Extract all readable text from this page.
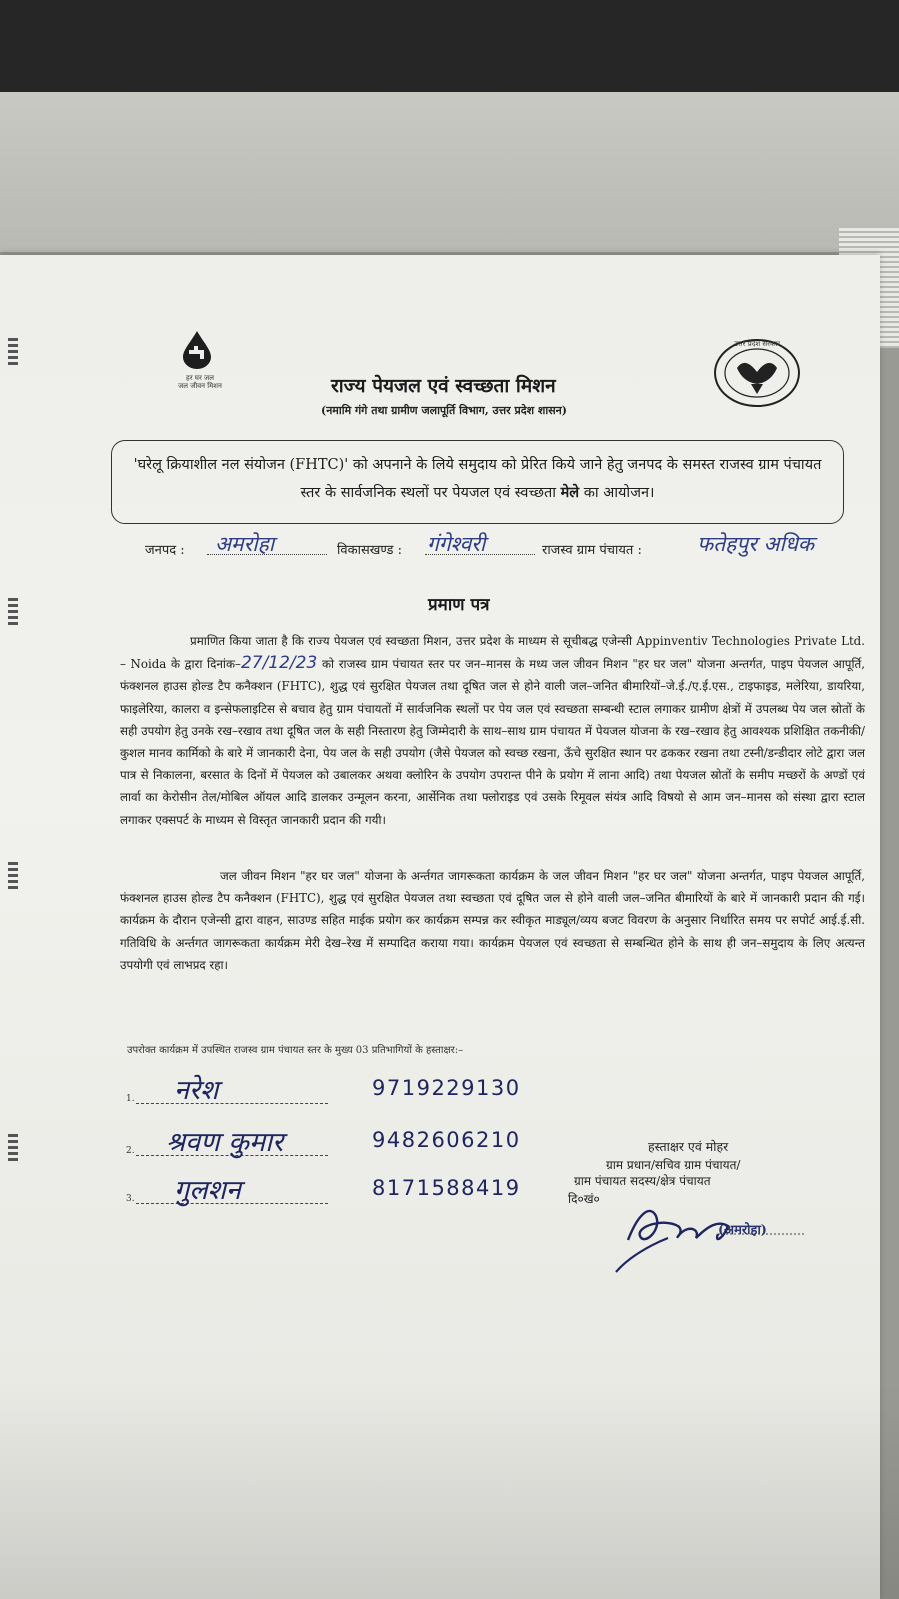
हर घर जल
जल जीवन मिशन
उत्तर प्रदेश सरकार
राज्य पेयजल एवं स्वच्छता मिशन
(नमामि गंगे तथा ग्रामीण जलापूर्ति विभाग, उत्तर प्रदेश शासन)
'घरेलू क्रियाशील नल संयोजन (FHTC)' को अपनाने के लिये समुदाय को प्रेरित किये जाने हेतु जनपद के समस्त राजस्व ग्राम पंचायत स्तर के सार्वजनिक स्थलों पर पेयजल एवं स्वच्छता मेले का आयोजन।
जनपद : अमरोहा	विकासखण्ड : गंगेश्वरी	राजस्व ग्राम पंचायत :	फतेहपुर अधिक
प्रमाण पत्र
प्रमाणित किया जाता है कि राज्य पेयजल एवं स्वच्छता मिशन, उत्तर प्रदेश के माध्यम से सूचीबद्ध एजेन्सी Appinventiv Technologies Private Ltd. – Noida के द्वारा दिनांक–27/12/23 को राजस्व ग्राम पंचायत स्तर पर जन–मानस के मध्य जल जीवन मिशन "हर घर जल" योजना अन्तर्गत, पाइप पेयजल आपूर्ति, फंक्शनल हाउस होल्ड टैप कनैक्शन (FHTC), शुद्ध एवं सुरक्षित पेयजल तथा दूषित जल से होने वाली जल–जनित बीमारियों–जे.ई./ए.ई.एस., टाइफाइड, मलेरिया, डायरिया, फाइलेरिया, कालरा व इन्सेफलाइटिस से बचाव हेतु ग्राम पंचायतों में सार्वजनिक स्थलों पर पेय जल एवं स्वच्छता सम्बन्धी स्टाल लगाकर ग्रामीण क्षेत्रों में उपलब्ध पेय जल स्रोतों के सही उपयोग हेतु उनके रख–रखाव तथा दूषित जल के सही निस्तारण हेतु जिम्मेदारी के साथ–साथ ग्राम पंचायत में पेयजल योजना के रख–रखाव हेतु आवश्यक प्रशिक्षित तकनीकी/कुशल मानव कार्मिको के बारे में जानकारी देना, पेय जल के सही उपयोग (जैसे पेयजल को स्वच्छ रखना, ऊँचे सुरक्षित स्थान पर ढककर रखना तथा टस्नी/डन्डीदार लोटे द्वारा जल पात्र से निकालना, बरसात के दिनों में पेयजल को उबालकर अथवा क्लोरिन के उपयोग उपरान्त पीने के प्रयोग में लाना आदि) तथा पेयजल स्रोतों के समीप मच्छरों के अण्डों एवं लार्वा का केरोसीन तेल/मोबिल ऑयल आदि डालकर उन्मूलन करना, आर्सेनिक तथा फ्लोराइड एवं उसके रिमूवल संयंत्र आदि विषयो से आम जन–मानस को संस्था द्वारा स्टाल लगाकर एक्सपर्ट के माध्यम से विस्तृत जानकारी प्रदान की गयी।
जल जीवन मिशन "हर घर जल" योजना के अर्न्तगत जागरूकता कार्यक्रम के जल जीवन मिशन "हर घर जल" योजना अन्तर्गत, पाइप पेयजल आपूर्ति, फंक्शनल हाउस होल्ड टैप कनैक्शन (FHTC), शुद्ध एवं सुरक्षित पेयजल तथा स्वच्छता एवं दूषित जल से होने वाली जल–जनित बीमारियों के बारे में जानकारी प्रदान की गई। कार्यक्रम के दौरान एजेन्सी द्वारा वाहन, साउण्ड सहित माईक प्रयोग कर कार्यक्रम सम्पन्न कर स्वीकृत माड्यूल/व्यय बजट विवरण के अनुसार निर्धारित समय पर सपोर्ट आई.ई.सी. गतिविधि के अर्न्तगत जागरूकता कार्यक्रम मेरी देख–रेख में सम्पादित कराया गया। कार्यक्रम पेयजल एवं स्वच्छता से सम्बन्धित होने के साथ ही जन–समुदाय के लिए अत्यन्त उपयोगी एवं लाभप्रद रहा।
उपरोक्त कार्यक्रम में उपस्थित राजस्व ग्राम पंचायत स्तर के मुख्य 03 प्रतिभागियों के हस्ताक्षर:–
1. नरेश	9719229130
2. श्रवण कुमार	9482606210
3. गुलशन	8171588419
हस्ताक्षर एवं मोहर
ग्राम प्रधान/सचिव ग्राम पंचायत/
ग्राम पंचायत सदस्य/क्षेत्र पंचायत
दि०खं०
(अमरोहा)
